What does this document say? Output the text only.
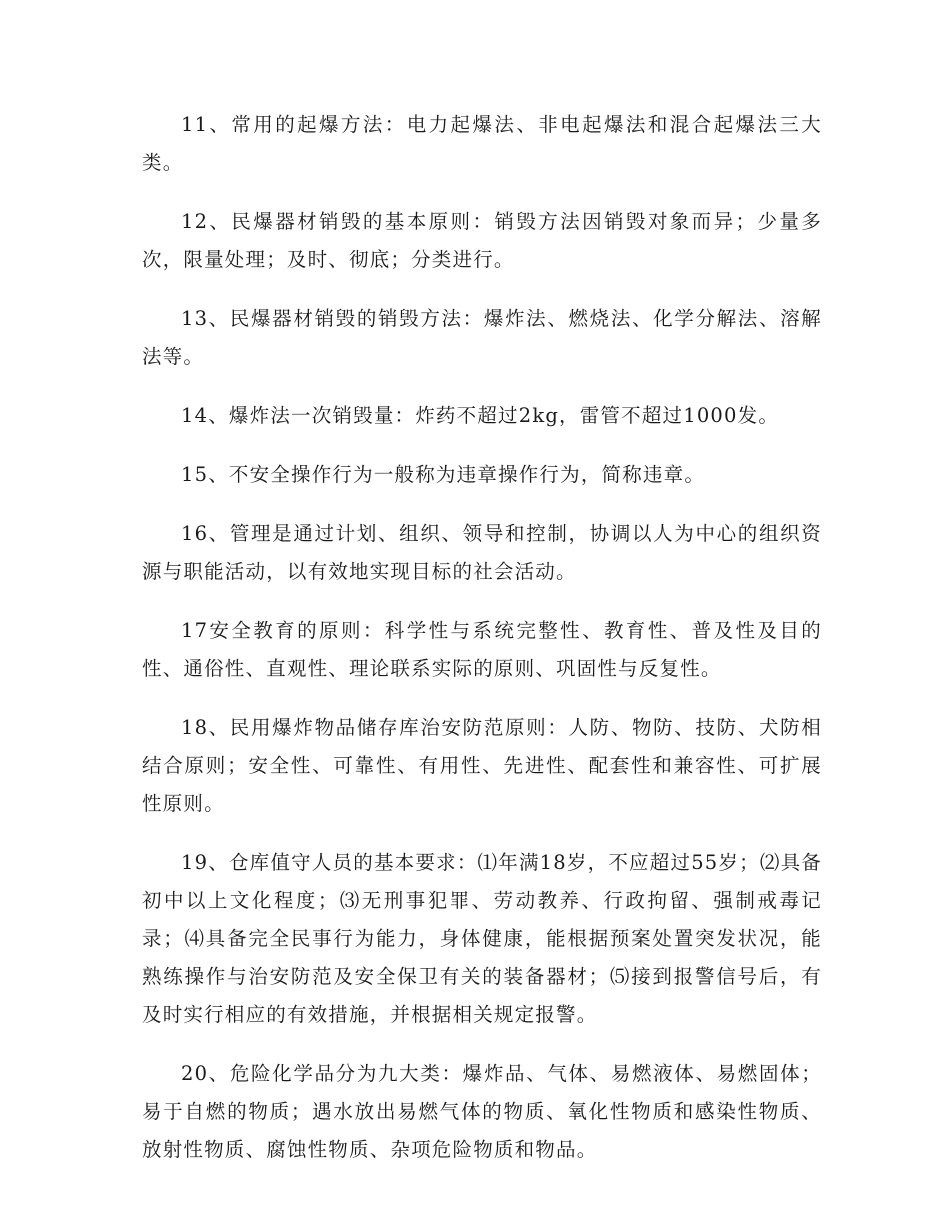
11、常用的起爆方法：电力起爆法、非电起爆法和混合起爆法三大类。

12、民爆器材销毁的基本原则：销毁方法因销毁对象而异；少量多次，限量处理；及时、彻底；分类进行。

13、民爆器材销毁的销毁方法：爆炸法、燃烧法、化学分解法、溶解法等。

14、爆炸法一次销毁量：炸药不超过2kg，雷管不超过1000发。

15、不安全操作行为一般称为违章操作行为，简称违章。

16、管理是通过计划、组织、领导和控制，协调以人为中心的组织资源与职能活动，以有效地实现目标的社会活动。

17安全教育的原则：科学性与系统完整性、教育性、普及性及目的性、通俗性、直观性、理论联系实际的原则、巩固性与反复性。

18、民用爆炸物品储存库治安防范原则：人防、物防、技防、犬防相结合原则；安全性、可靠性、有用性、先进性、配套性和兼容性、可扩展性原则。

19、仓库值守人员的基本要求：⑴年满18岁，不应超过55岁；⑵具备初中以上文化程度；⑶无刑事犯罪、劳动教养、行政拘留、强制戒毒记录；⑷具备完全民事行为能力，身体健康，能根据预案处置突发状况，能熟练操作与治安防范及安全保卫有关的装备器材；⑸接到报警信号后，有及时实行相应的有效措施，并根据相关规定报警。

20、危险化学品分为九大类：爆炸品、气体、易燃液体、易燃固体；易于自燃的物质；遇水放出易燃气体的物质、氧化性物质和感染性物质、放射性物质、腐蚀性物质、杂项危险物质和物品。
